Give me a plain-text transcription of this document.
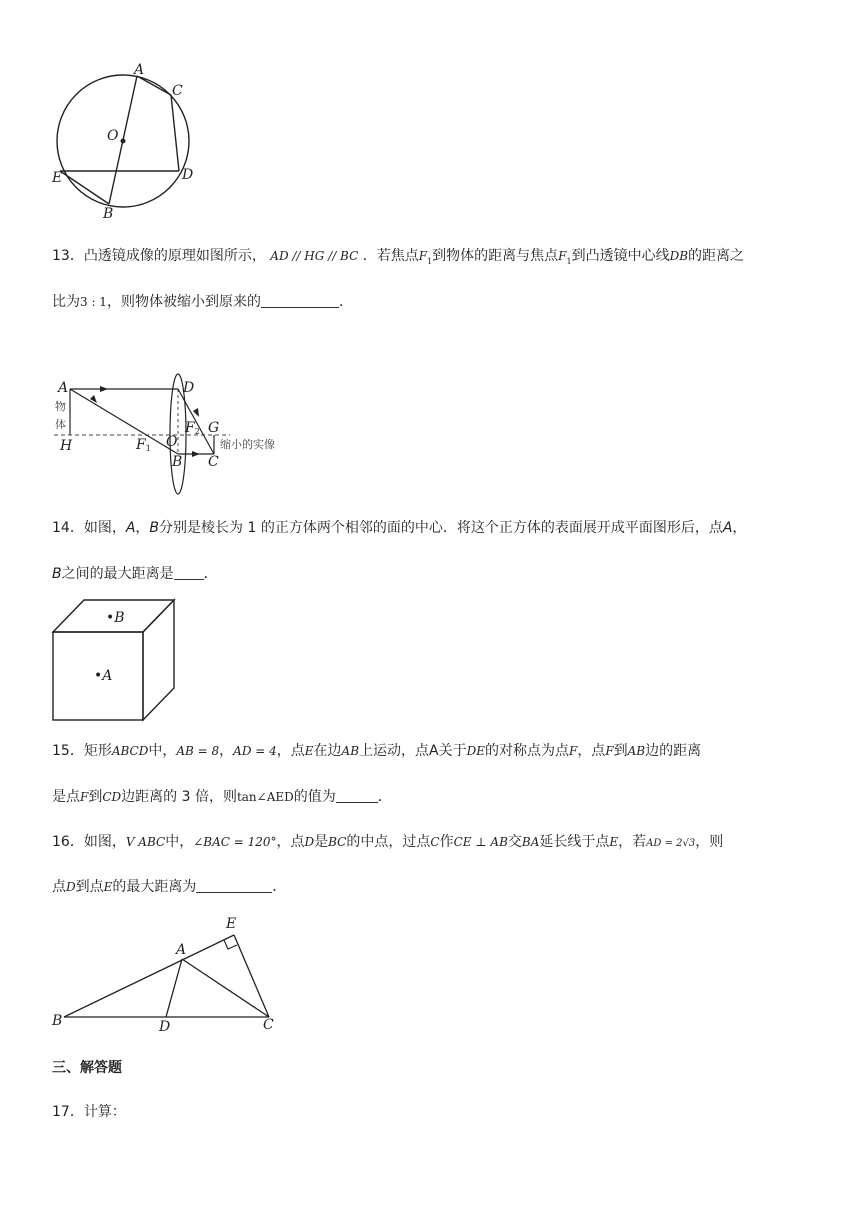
A
C
O
E	D
B
13．凸透镜成像的原理如图所示， AD // HG // BC ．若焦点$F_1$到物体的距离与焦点$F_1$到凸透镜中心线DB的距离之
比为3 : 1，则物体被缩小到原来的	．
A	D
物
体
H	F1 O
F2 G
B C
缩小的实像
14．如图，A，B分别是棱长为 1 的正方体两个相邻的面的中心．将这个正方体的表面展开成平面图形后，点A，
B之间的最大距离是 ．
•B
•A
15．矩形ABCD中，AB = 8，AD = 4，点E在边AB上运动，点A关于DE的对称点为点F，点F到AB边的距离
是点F到CD边距离的 3 倍，则tan∠AED的值为	．
16．如图，V ABC中，∠BAC = 120°，点D是BC的中点，过点C作CE ⊥ AB交BA延长线于点E，若AD = 2√3，则
点D到点E的最大距离为	．
E
A
B	D	C
三、解答题
17．计算：
